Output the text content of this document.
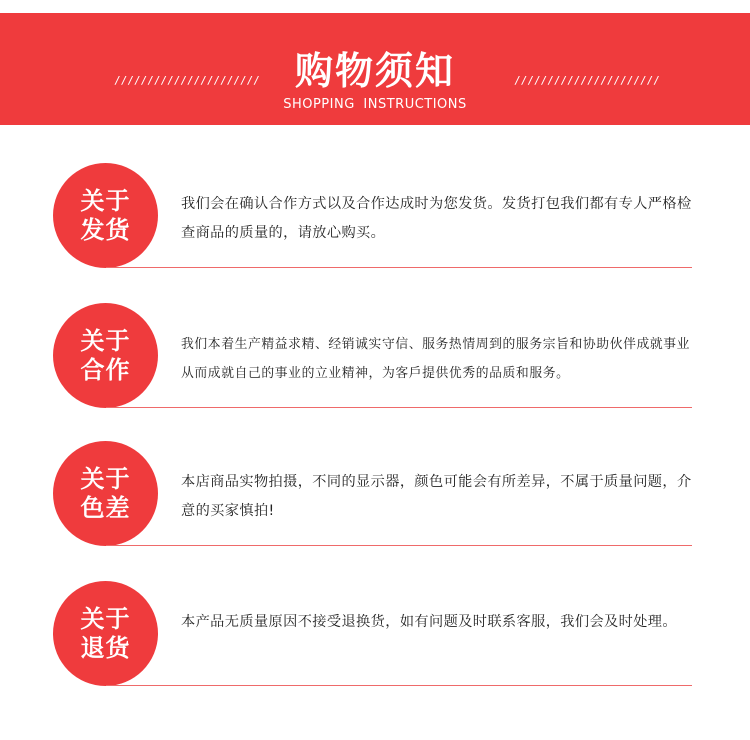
////////////////////// 购物须知	//////////////////////
SHOPPING INSTRUCTIONS
关于
发货
我们会在确认合作方式以及合作达成时为您发货。发货打包我们都有专人严格检查商品的质量的，请放心购买。
关于
合作
我们本着生产精益求精、经销诚实守信、服务热情周到的服务宗旨和协助伙伴成就事业从而成就自己的事业的立业精神，为客戶提供优秀的品质和服务。
关于
色差
本店商品实物拍摄，不同的显示器，颜色可能会有所差异，不属于质量问题，介意的买家慎拍!
关于
退货
本产品无质量原因不接受退换货，如有问题及时联系客服，我们会及时处理。
